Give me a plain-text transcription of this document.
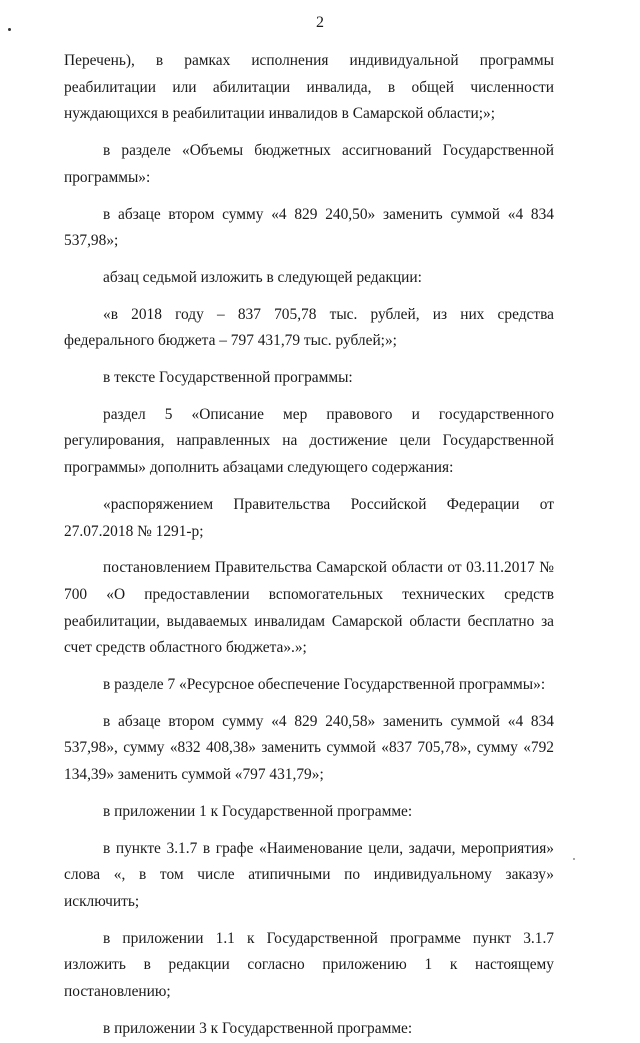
2

Перечень), в рамках исполнения индивидуальной программы реабилитации или абилитации инвалида, в общей численности нуждающихся в реабилитации инвалидов в Самарской области;»;

в разделе «Объемы бюджетных ассигнований Государственной программы»:

в абзаце втором сумму «4 829 240,50» заменить суммой «4 834 537,98»;

абзац седьмой изложить в следующей редакции:

«в 2018 году – 837 705,78 тыс. рублей, из них средства федерального бюджета – 797 431,79 тыс. рублей;»;

в тексте Государственной программы:

раздел 5 «Описание мер правового и государственного регулирования, направленных на достижение цели Государственной программы» дополнить абзацами следующего содержания:

«распоряжением Правительства Российской Федерации от 27.07.2018 № 1291-р;

постановлением Правительства Самарской области от 03.11.2017 № 700 «О предоставлении вспомогательных технических средств реабилитации, выдаваемых инвалидам Самарской области бесплатно за счет средств областного бюджета».»;

в разделе 7 «Ресурсное обеспечение Государственной программы»:

в абзаце втором сумму «4 829 240,58» заменить суммой «4 834 537,98», сумму «832 408,38» заменить суммой «837 705,78», сумму «792 134,39» заменить суммой «797 431,79»;

в приложении 1 к Государственной программе:

в пункте 3.1.7 в графе «Наименование цели, задачи, мероприятия» слова «, в том числе атипичными по индивидуальному заказу» исключить;

в приложении 1.1 к Государственной программе пункт 3.1.7 изложить в редакции согласно приложению 1 к настоящему постановлению;

в приложении 3 к Государственной программе:
